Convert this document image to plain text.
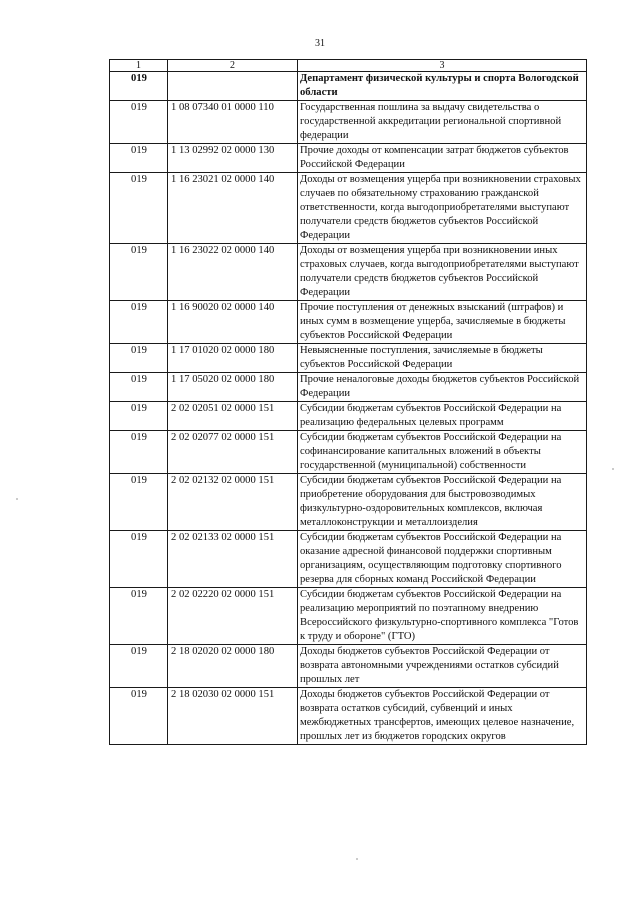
31
1	2	3
019		Департамент физической культуры и спорта Вологодской области
019	1 08 07340 01 0000 110	Государственная пошлина за выдачу свидетельства о государственной аккредитации региональной спортивной федерации
019	1 13 02992 02 0000 130	Прочие доходы от компенсации затрат бюджетов субъектов Российской Федерации
019	1 16 23021 02 0000 140	Доходы от возмещения ущерба при возникновении страховых случаев по обязательному страхованию гражданской ответственности, когда выгодоприобретателями выступают получатели средств бюджетов субъектов Российской Федерации
019	1 16 23022 02 0000 140	Доходы от возмещения ущерба при возникновении иных страховых случаев, когда выгодоприобретателями выступают получатели средств бюджетов субъектов Российской Федерации
019	1 16 90020 02 0000 140	Прочие поступления от денежных взысканий (штрафов) и иных сумм в возмещение ущерба, зачисляемые в бюджеты субъектов Российской Федерации
019	1 17 01020 02 0000 180	Невыясненные поступления, зачисляемые в бюджеты субъектов Российской Федерации
019	1 17 05020 02 0000 180	Прочие неналоговые доходы бюджетов субъектов Российской Федерации
019	2 02 02051 02 0000 151	Субсидии бюджетам субъектов Российской Федерации на реализацию федеральных целевых программ
019	2 02 02077 02 0000 151	Субсидии бюджетам субъектов Российской Федерации на софинансирование капитальных вложений в объекты государственной (муниципальной) собственности
019	2 02 02132 02 0000 151	Субсидии бюджетам субъектов Российской Федерации на приобретение оборудования для быстровозводимых физкультурно-оздоровительных комплексов, включая металлоконструкции и металлоизделия
019	2 02 02133 02 0000 151	Субсидии бюджетам субъектов Российской Федерации на оказание адресной финансовой поддержки спортивным организациям, осуществляющим подготовку спортивного резерва для сборных команд Российской Федерации
019	2 02 02220 02 0000 151	Субсидии бюджетам субъектов Российской Федерации на реализацию мероприятий по поэтапному внедрению Всероссийского физкультурно-спортивного комплекса "Готов к труду и обороне" (ГТО)
019	2 18 02020 02 0000 180	Доходы бюджетов субъектов Российской Федерации от возврата автономными учреждениями остатков субсидий прошлых лет
019	2 18 02030 02 0000 151	Доходы бюджетов субъектов Российской Федерации от возврата остатков субсидий, субвенций и иных межбюджетных трансфертов, имеющих целевое назначение, прошлых лет из бюджетов городских округов
